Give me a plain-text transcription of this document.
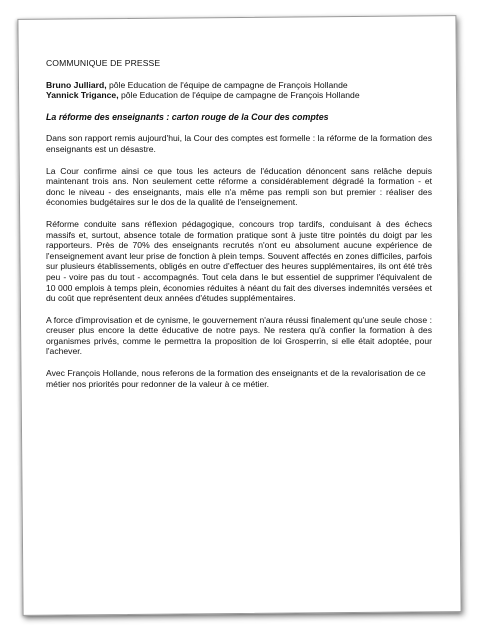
COMMUNIQUE DE PRESSE

Bruno Julliard, pôle Education de l'équipe de campagne de François Hollande

Yannick Trigance, pôle Education de l'équipe de campagne de François Hollande

La réforme des enseignants : carton rouge de la Cour des comptes

Dans son rapport remis aujourd'hui, la Cour des comptes est formelle : la réforme de la formation des enseignants est un désastre.

La Cour confirme ainsi ce que tous les acteurs de l'éducation dénoncent sans relâche depuis maintenant trois ans. Non seulement cette réforme a considérablement dégradé la formation - et donc le niveau - des enseignants, mais elle n'a même pas rempli son but premier : réaliser des économies budgétaires sur le dos de la qualité de l'enseignement.

Réforme conduite sans réflexion pédagogique, concours trop tardifs, conduisant à des échecs massifs et, surtout, absence totale de formation pratique sont à juste titre pointés du doigt par les rapporteurs. Près de 70% des enseignants recrutés n'ont eu absolument aucune expérience de l'enseignement avant leur prise de fonction à plein temps. Souvent affectés en zones difficiles, parfois sur plusieurs établissements, obligés en outre d'effectuer des heures supplémentaires, ils ont été très peu - voire pas du tout - accompagnés. Tout cela dans le but essentiel de supprimer l'équivalent de 10 000 emplois à temps plein, économies réduites à néant du fait des diverses indemnités versées et du coût que représentent deux années d'études supplémentaires.

A force d'improvisation et de cynisme, le gouvernement n'aura réussi finalement qu'une seule chose : creuser plus encore la dette éducative de notre pays. Ne restera qu'à confier la formation à des organismes privés, comme le permettra la proposition de loi Grosperrin, si elle était adoptée, pour l'achever.

Avec François Hollande, nous referons de la formation des enseignants et de la revalorisation de ce métier nos priorités pour redonner de la valeur à ce métier.
